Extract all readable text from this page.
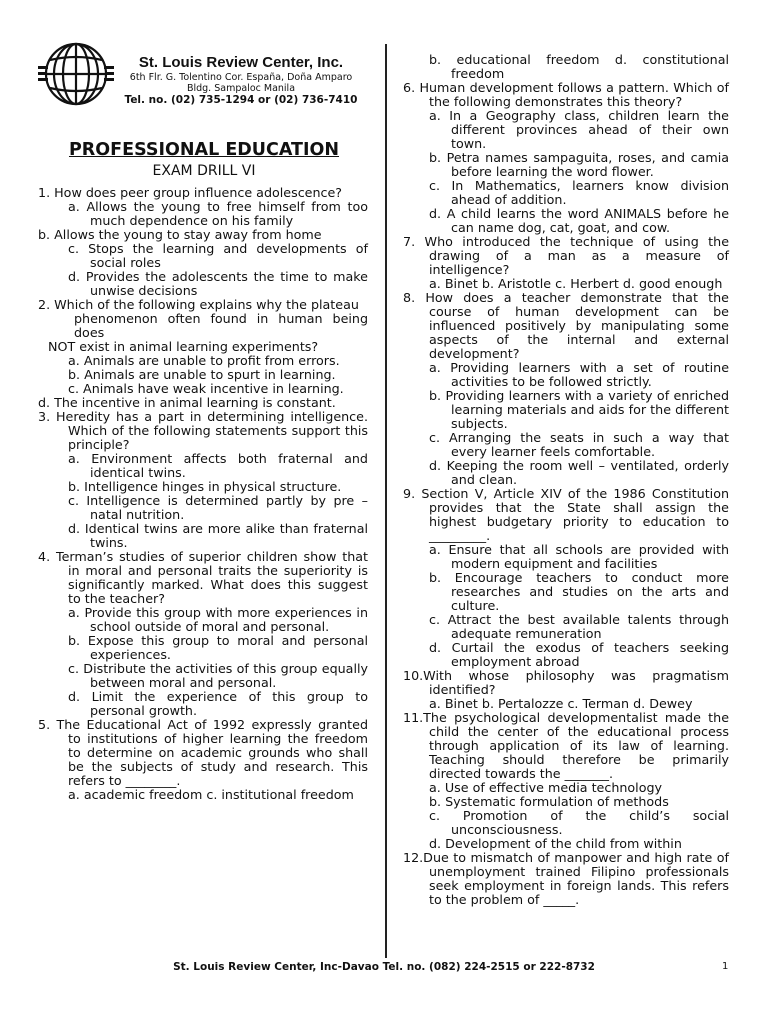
St. Louis Review Center, Inc.
6th Flr. G. Tolentino Cor. España, Doña Amparo
Bldg. Sampaloc Manila
Tel. no. (02) 735-1294 or (02) 736-7410
PROFESSIONAL EDUCATION
EXAM DRILL VI

1. How does peer group influence adolescence?

a. Allows the young to free himself from too much dependence on his family

b. Allows the young to stay away from home

c. Stops the learning and developments of social roles

d. Provides the adolescents the time to make unwise decisions

2. Which of the following explains why the plateau

phenomenon often found in human being does

NOT exist in animal learning experiments?

a. Animals are unable to profit from errors.

b. Animals are unable to spurt in learning.

c. Animals have weak incentive in learning.

d. The incentive in animal learning is constant.

3. Heredity has a part in determining intelligence. Which of the following statements support this principle?

a. Environment affects both fraternal and identical twins.

b. Intelligence hinges in physical structure.

c. Intelligence is determined partly by pre – natal nutrition.

d. Identical twins are more alike than fraternal twins.

4. Terman’s studies of superior children show that in moral and personal traits the superiority is significantly marked. What does this suggest to the teacher?

a. Provide this group with more experiences in school outside of moral and personal.

b. Expose this group to moral and personal experiences.

c. Distribute the activities of this group equally between moral and personal.

d. Limit the experience of this group to personal growth.

5. The Educational Act of 1992 expressly granted to institutions of higher learning the freedom to determine on academic grounds who shall be the subjects of study and research. This refers to ________.

a. academic freedom c. institutional freedom

b. educational freedom d. constitutional freedom

6. Human development follows a pattern. Which of the following demonstrates this theory?

a. In a Geography class, children learn the different provinces ahead of their own town.

b. Petra names sampaguita, roses, and camia before learning the word flower.

c. In Mathematics, learners know division ahead of addition.

d. A child learns the word ANIMALS before he can name dog, cat, goat, and cow.

7. Who introduced the technique of using the drawing of a man as a measure of intelligence?

a. Binet b. Aristotle c. Herbert d. good enough

8. How does a teacher demonstrate that the course of human development can be influenced positively by manipulating some aspects of the internal and external development?

a. Providing learners with a set of routine activities to be followed strictly.

b. Providing learners with a variety of enriched learning materials and aids for the different subjects.

c. Arranging the seats in such a way that every learner feels comfortable.

d. Keeping the room well – ventilated, orderly and clean.

9. Section V, Article XIV of the 1986 Constitution provides that the State shall assign the highest budgetary priority to education to _________.

a. Ensure that all schools are provided with modern equipment and facilities

b. Encourage teachers to conduct more researches and studies on the arts and culture.

c. Attract the best available talents through adequate remuneration

d. Curtail the exodus of teachers seeking employment abroad

10.With whose philosophy was pragmatism identified?

a. Binet b. Pertalozze c. Terman d. Dewey

11.The psychological developmentalist made the child the center of the educational process through application of its law of learning. Teaching should therefore be primarily directed towards the _______.

a. Use of effective media technology

b. Systematic formulation of methods

c. Promotion of the child’s social unconsciousness.

d. Development of the child from within

12.Due to mismatch of manpower and high rate of unemployment trained Filipino professionals seek employment in foreign lands. This refers to the problem of _____.

St. Louis Review Center, Inc-Davao Tel. no. (082) 224-2515 or 222-8732	1
